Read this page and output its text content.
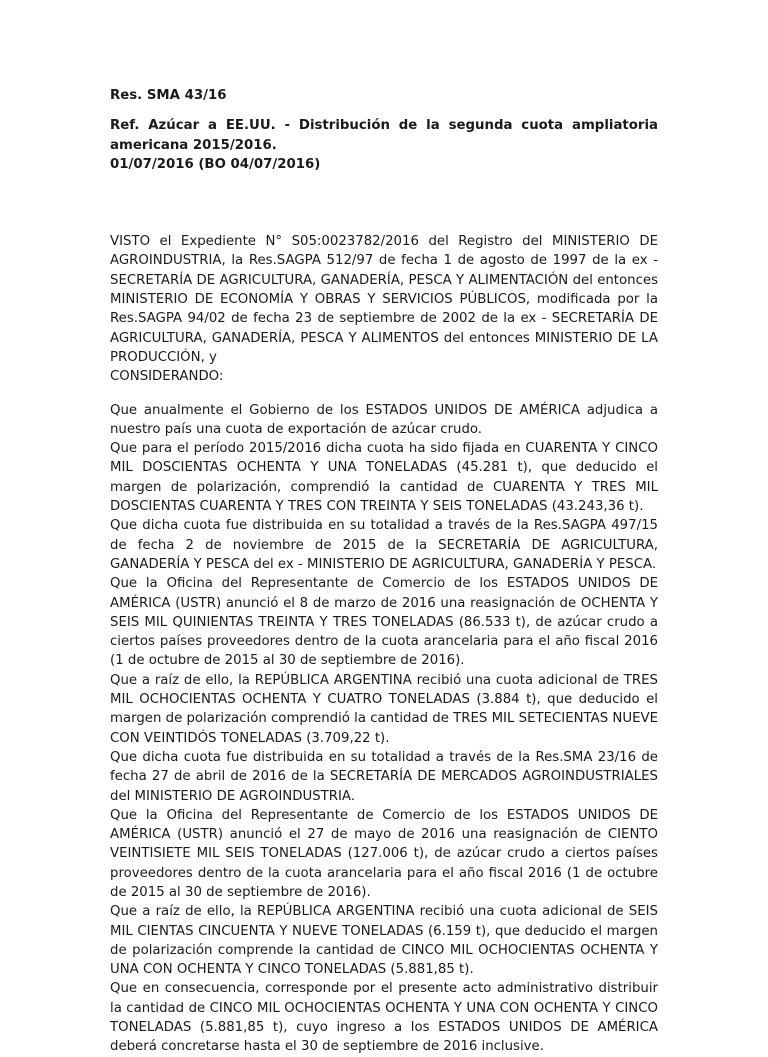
Res. SMA 43/16

Ref. Azúcar a EE.UU. - Distribución de la segunda cuota ampliatoria americana 2015/2016.

01/07/2016 (BO 04/07/2016)

VISTO el Expediente N° S05:0023782/2016 del Registro del MINISTERIO DE AGROINDUSTRIA, la Res.SAGPA 512/97 de fecha 1 de agosto de 1997 de la ex - SECRETARÍA DE AGRICULTURA, GANADERÍA, PESCA Y ALIMENTACIÓN del entonces MINISTERIO DE ECONOMÍA Y OBRAS Y SERVICIOS PÚBLICOS, modificada por la Res.SAGPA 94/02 de fecha 23 de septiembre de 2002 de la ex - SECRETARÍA DE AGRICULTURA, GANADERÍA, PESCA Y ALIMENTOS del entonces MINISTERIO DE LA PRODUCCIÓN, y

CONSIDERANDO:

Que anualmente el Gobierno de los ESTADOS UNIDOS DE AMÉRICA adjudica a nuestro país una cuota de exportación de azúcar crudo.

Que para el período 2015/2016 dicha cuota ha sido fijada en CUARENTA Y CINCO MIL DOSCIENTAS OCHENTA Y UNA TONELADAS (45.281 t), que deducido el margen de polarización, comprendió la cantidad de CUARENTA Y TRES MIL DOSCIENTAS CUARENTA Y TRES CON TREINTA Y SEIS TONELADAS (43.243,36 t).

Que dicha cuota fue distribuida en su totalidad a través de la Res.SAGPA 497/15 de fecha 2 de noviembre de 2015 de la SECRETARÍA DE AGRICULTURA, GANADERÍA Y PESCA del ex - MINISTERIO DE AGRICULTURA, GANADERÍA Y PESCA.

Que la Oficina del Representante de Comercio de los ESTADOS UNIDOS DE AMÉRICA (USTR) anunció el 8 de marzo de 2016 una reasignación de OCHENTA Y SEIS MIL QUINIENTAS TREINTA Y TRES TONELADAS (86.533 t), de azúcar crudo a ciertos países proveedores dentro de la cuota arancelaria para el año fiscal 2016 (1 de octubre de 2015 al 30 de septiembre de 2016).

Que a raíz de ello, la REPÚBLICA ARGENTINA recibió una cuota adicional de TRES MIL OCHOCIENTAS OCHENTA Y CUATRO TONELADAS (3.884 t), que deducido el margen de polarización comprendió la cantidad de TRES MIL SETECIENTAS NUEVE CON VEINTIDÓS TONELADAS (3.709,22 t).

Que dicha cuota fue distribuida en su totalidad a través de la Res.SMA 23/16 de fecha 27 de abril de 2016 de la SECRETARÍA DE MERCADOS AGROINDUSTRIALES del MINISTERIO DE AGROINDUSTRIA.

Que la Oficina del Representante de Comercio de los ESTADOS UNIDOS DE AMÉRICA (USTR) anunció el 27 de mayo de 2016 una reasignación de CIENTO VEINTISIETE MIL SEIS TONELADAS (127.006 t), de azúcar crudo a ciertos países proveedores dentro de la cuota arancelaria para el año fiscal 2016 (1 de octubre de 2015 al 30 de septiembre de 2016).

Que a raíz de ello, la REPÚBLICA ARGENTINA recibió una cuota adicional de SEIS MIL CIENTAS CINCUENTA Y NUEVE TONELADAS (6.159 t), que deducido el margen de polarización comprende la cantidad de CINCO MIL OCHOCIENTAS OCHENTA Y UNA CON OCHENTA Y CINCO TONELADAS (5.881,85 t).

Que en consecuencia, corresponde por el presente acto administrativo distribuir la cantidad de CINCO MIL OCHOCIENTAS OCHENTA Y UNA CON OCHENTA Y CINCO TONELADAS (5.881,85 t), cuyo ingreso a los ESTADOS UNIDOS DE AMÉRICA deberá concretarse hasta el 30 de septiembre de 2016 inclusive.
